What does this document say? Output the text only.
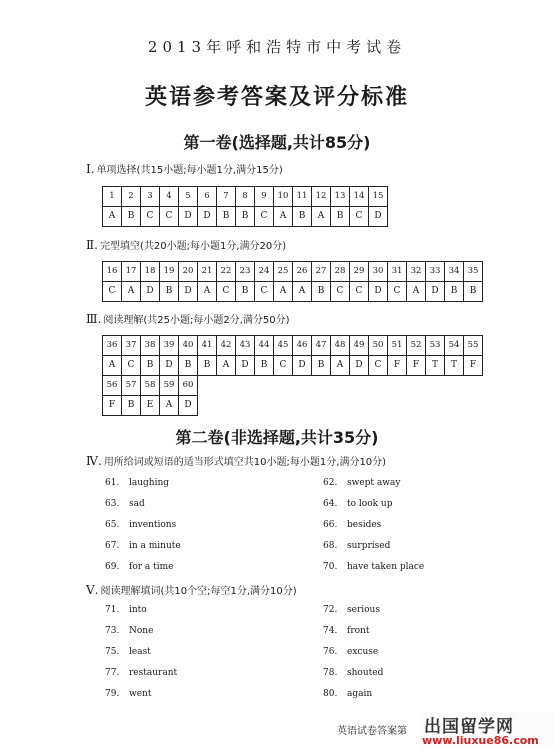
2013年呼和浩特市中考试卷
英语参考答案及评分标准
第一卷(选择题,共计85分)
Ⅰ. 单项选择(共15小题;每小题1分,满分15分)
1	2	3	4	5	6	7	8	9	10	11	12	13	14	15
A	B	C	C	D	D	B	B	C	A	B	A	B	C	D
Ⅱ. 完型填空(共20小题;每小题1分,满分20分)
16	17	18	19	20	21	22	23	24	25	26	27	28	29	30	31	32	33	34	35
C	A	D	B	D	A	C	B	C	A	A	B	C	C	D	C	A	D	B	B
Ⅲ. 阅读理解(共25小题;每小题2分,满分50分)
36	37	38	39	40	41	42	43	44	45	46	47	48	49	50	51	52	53	54	55
A	C	B	D	B	B	A	D	B	C	D	B	A	D	C	F	F	T	T	F
56	57	58	59	60
F	B	E	A	D
第二卷(非选择题,共计35分)
Ⅳ. 用所给词或短语的适当形式填空共10小题;每小题1分,满分10分)
61. laughing	62. swept away
63. sad	64. to look up
65. inventions	66. besides
67. in a minute	68. surprised
69. for a time	70. have taken place
Ⅴ. 阅读理解填词(共10个空;每空1分,满分10分)
71. into	72. serious
73. None	74. front
75. least	76. excuse
77. restaurant	78. shouted
79. went	80. again
英语试卷答案第 出国留学网
www.liuxue86.com
